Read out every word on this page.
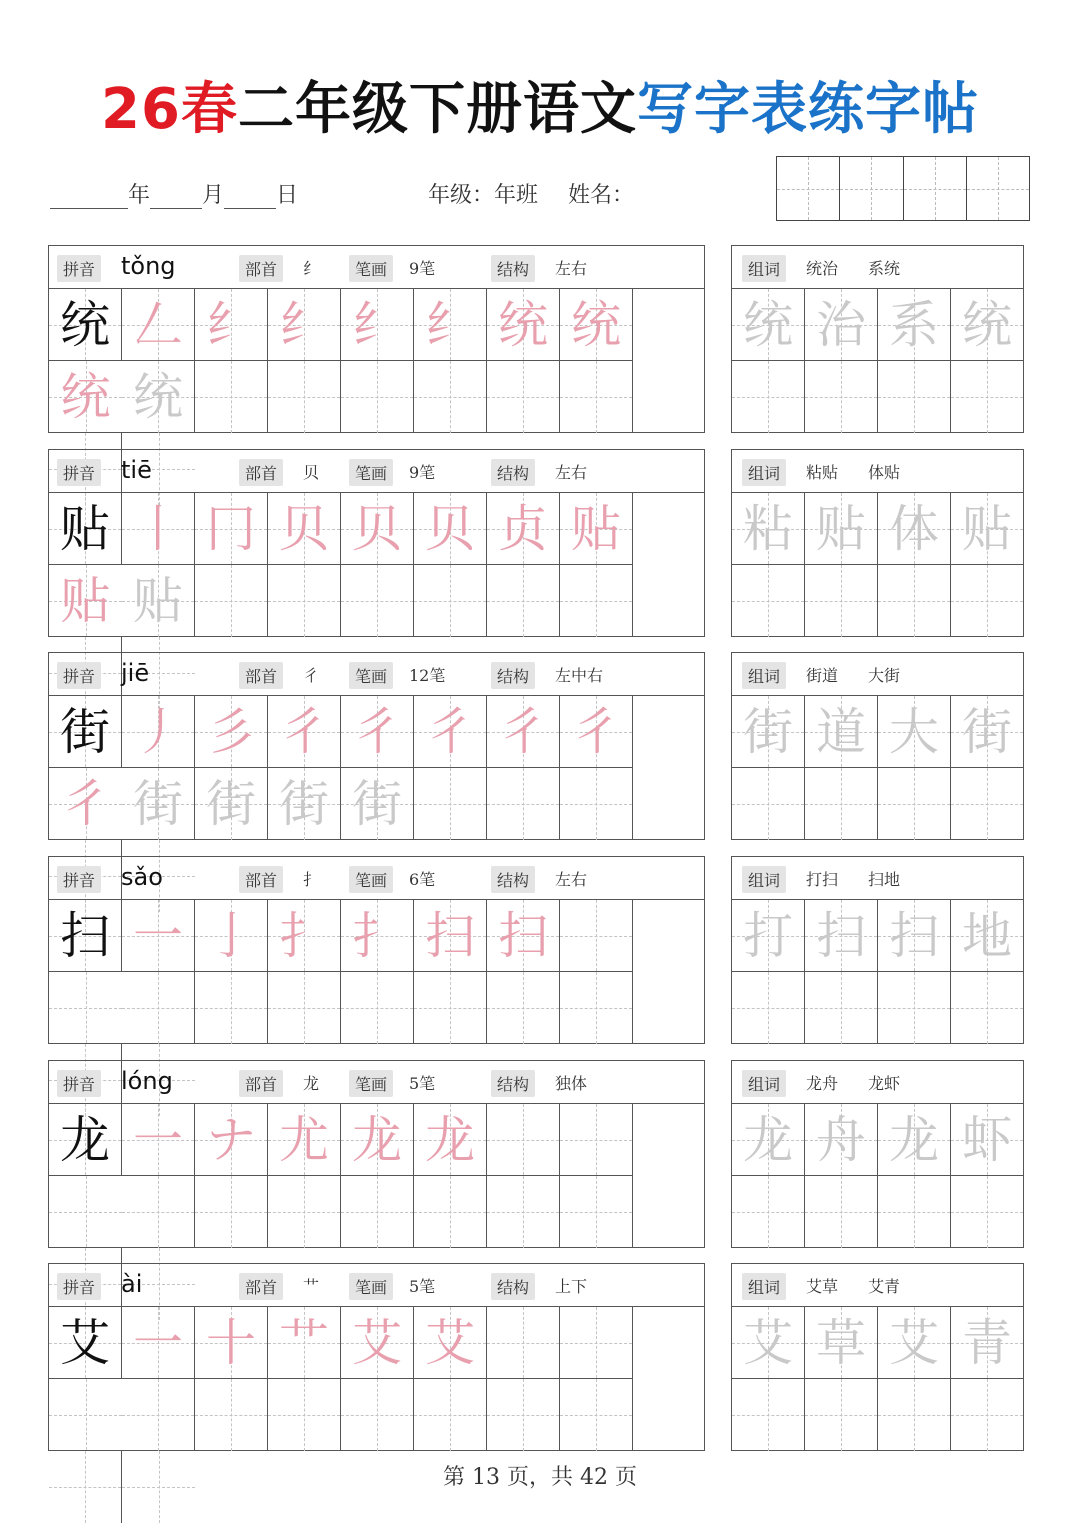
26春二年级下册语文写字表练字帖
年 月 日	年级：年班 姓名：
拼音 tǒng	部首	纟	笔画	9笔	结构	左右
统 𠃋 纟 纟 纟 纟 统 统
统 统
组词	统治 系统
统 治 系 统
拼音 tiē	部首	贝	笔画	9笔	结构	左右
贴 丨 冂 贝 贝 贝 贞 贴
贴 贴
组词	粘贴 体贴
粘 贴 体 贴
拼音 jiē	部首	彳	笔画	12笔	结构	左中右
街 丿 彡 彳 彳 彳 彳 彳
彳 街 街 街 街
组词	街道 大街
街 道 大 街
拼音 sǎo	部首	扌	笔画	6笔	结构	左右
扫 一 亅 扌 扌 扫 扫
组词	打扫 扫地
打 扫 扫 地
拼音 lóng	部首	龙	笔画	5笔	结构	独体
龙 一 ナ 尤 龙 龙
组词	龙舟 龙虾
龙 舟 龙 虾
拼音 ài	部首	艹	笔画	5笔	结构	上下
艾 一 十 艹 艾 艾
组词	艾草 艾青
艾 草 艾 青
第 13 页，共 42 页
